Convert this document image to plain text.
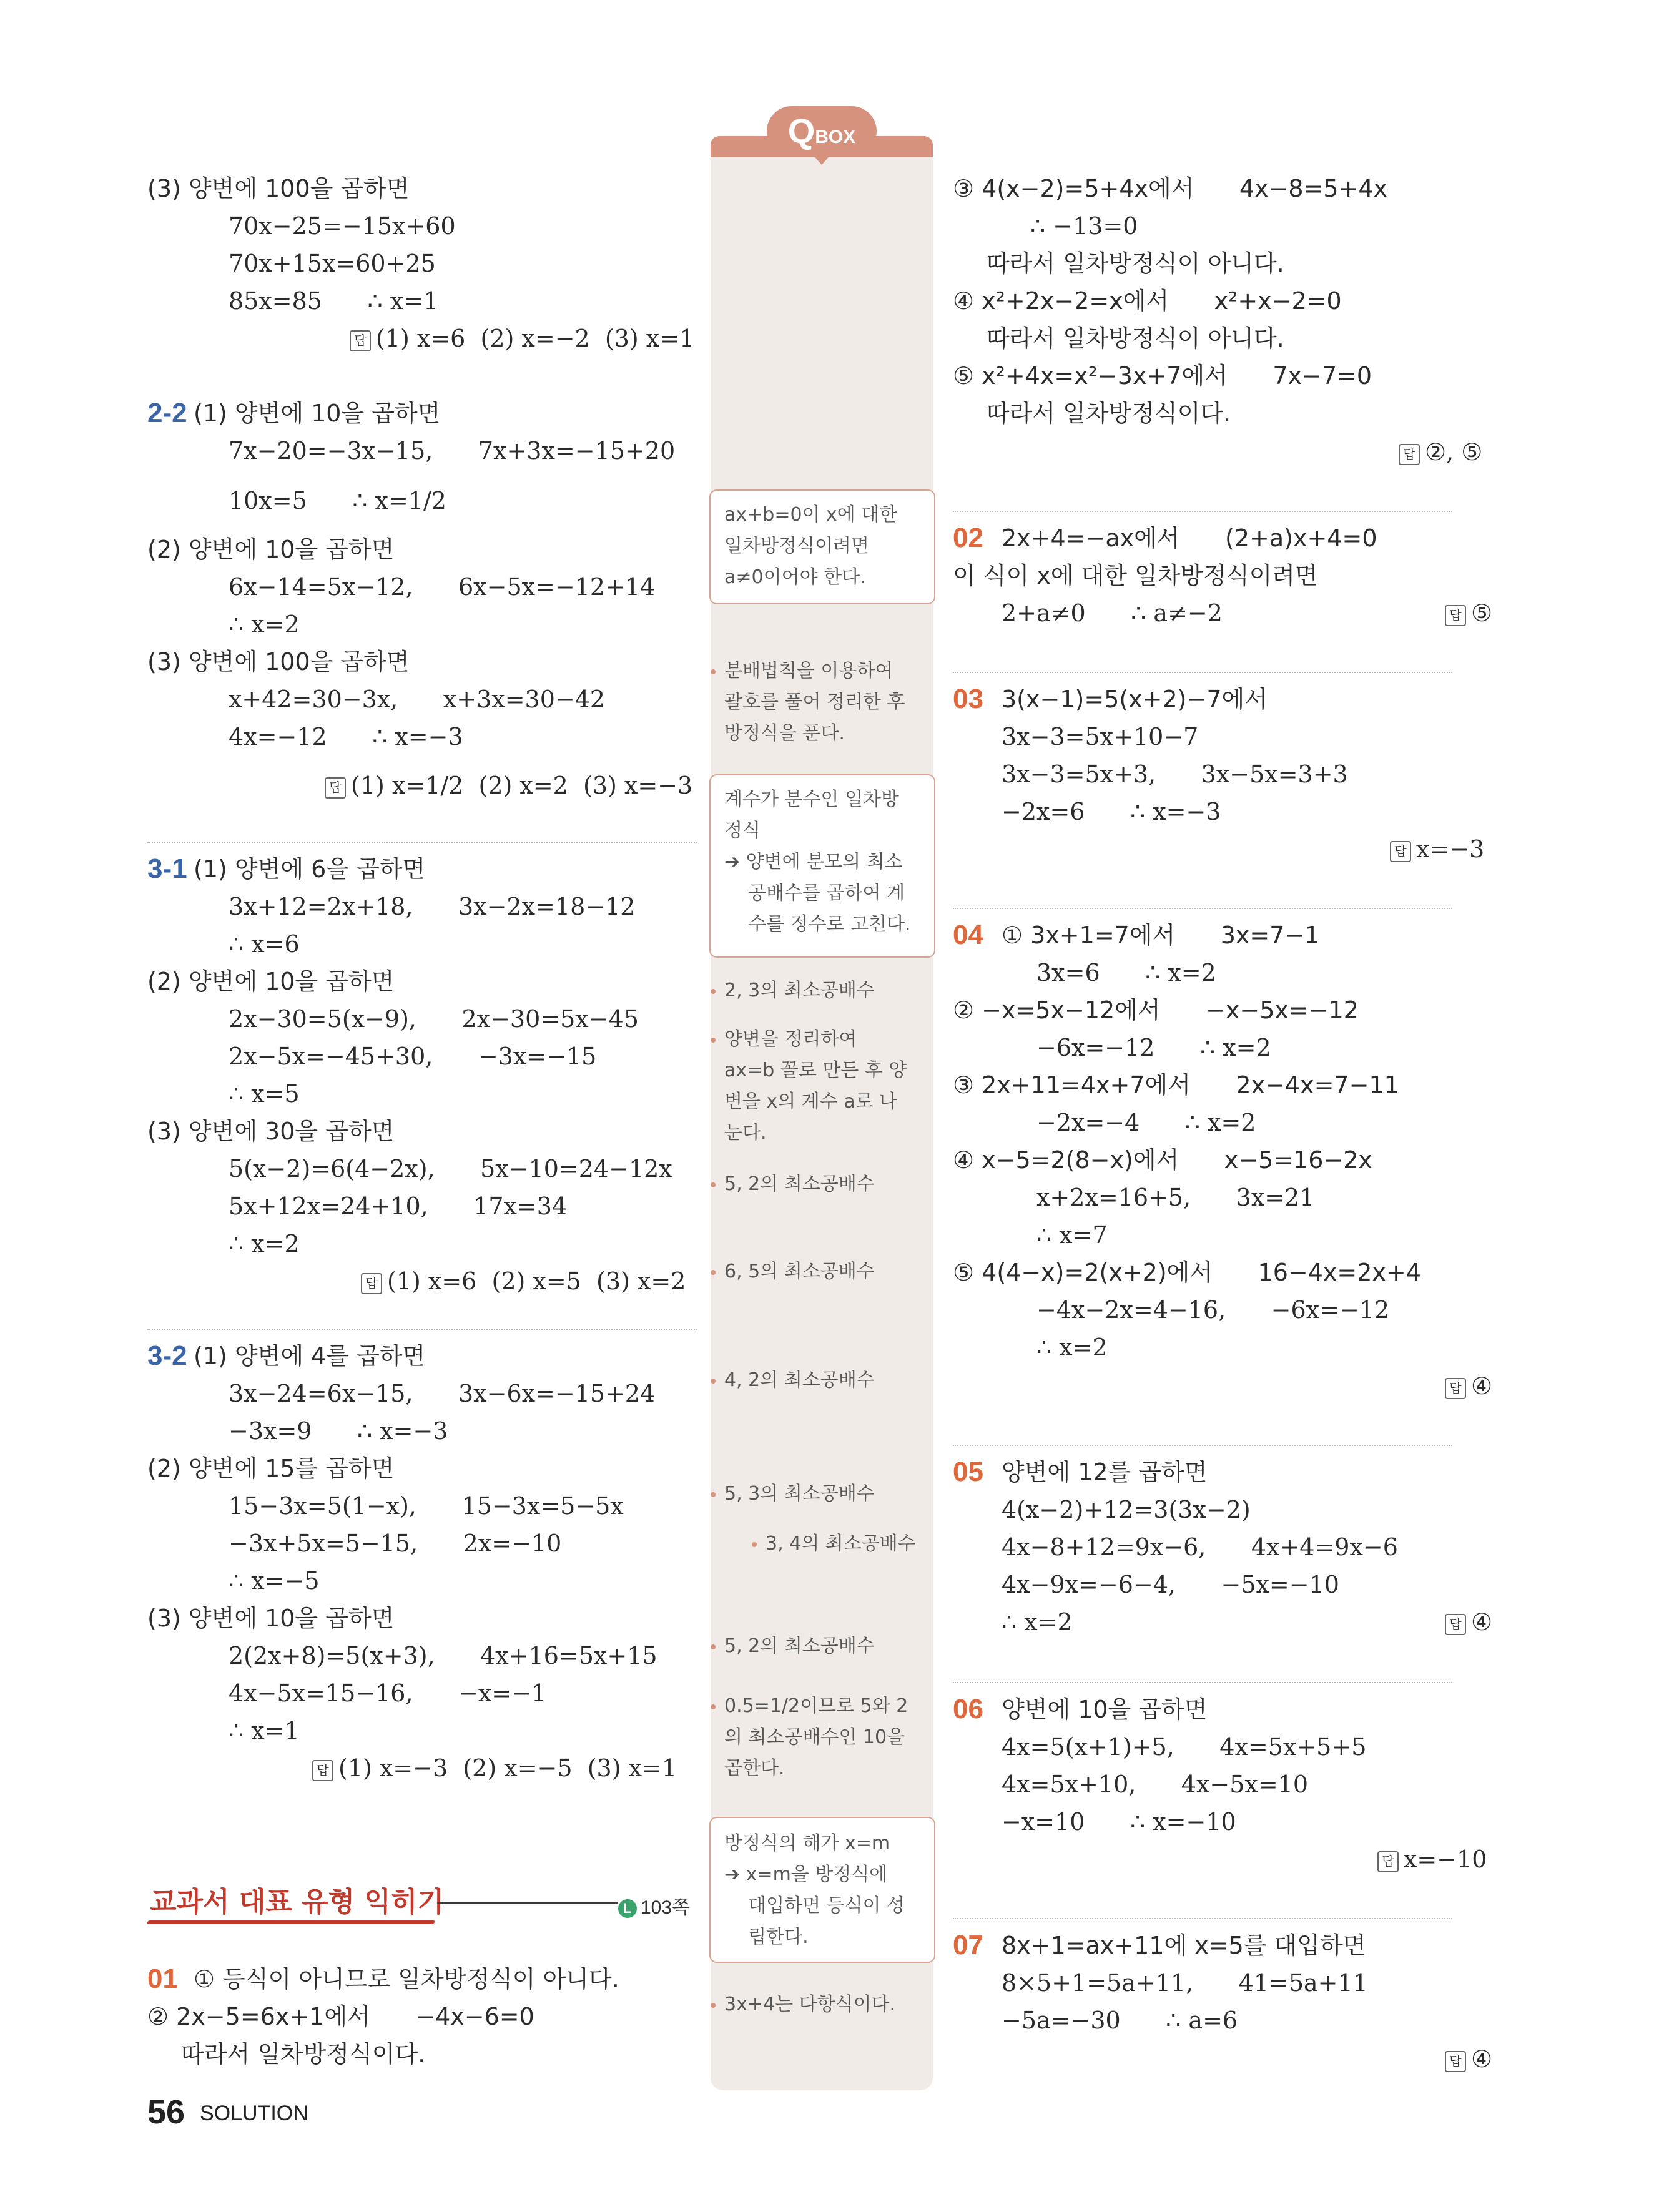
QBOX
(3) 양변에 100을 곱하면
70x−25=−15x+60
70x+15x=60+25
85x=85      ∴ x=1
답 (1) x=6  (2) x=−2  (3) x=1
2-2 (1) 양변에 10을 곱하면
7x−20=−3x−15,      7x+3x=−15+20
10x=5      ∴ x=1/2
(2) 양변에 10을 곱하면
6x−14=5x−12,      6x−5x=−12+14
∴ x=2
(3) 양변에 100을 곱하면
x+42=30−3x,      x+3x=30−42
4x=−12      ∴ x=−3
답 (1) x=1/2  (2) x=2  (3) x=−3
3-1 (1) 양변에 6을 곱하면
3x+12=2x+18,      3x−2x=18−12
∴ x=6
(2) 양변에 10을 곱하면
2x−30=5(x−9),      2x−30=5x−45
2x−5x=−45+30,      −3x=−15
∴ x=5
(3) 양변에 30을 곱하면
5(x−2)=6(4−2x),      5x−10=24−12x
5x+12x=24+10,      17x=34
∴ x=2
답 (1) x=6  (2) x=5  (3) x=2
3-2 (1) 양변에 4를 곱하면
3x−24=6x−15,      3x−6x=−15+24
−3x=9      ∴ x=−3
(2) 양변에 15를 곱하면
15−3x=5(1−x),      15−3x=5−5x
−3x+5x=5−15,      2x=−10
∴ x=−5
(3) 양변에 10을 곱하면
2(2x+8)=5(x+3),      4x+16=5x+15
4x−5x=15−16,      −x=−1
∴ x=1
답 (1) x=−3  (2) x=−5  (3) x=1
01 ① 등식이 아니므로 일차방정식이 아니다.
② 2x−5=6x+1에서      −4x−6=0
따라서 일차방정식이다.
③ 4(x−2)=5+4x에서      4x−8=5+4x
∴ −13=0
따라서 일차방정식이 아니다.
④ x²+2x−2=x에서      x²+x−2=0
따라서 일차방정식이 아니다.
⑤ x²+4x=x²−3x+7에서      7x−7=0
따라서 일차방정식이다.
답 ②, ⑤
02 2x+4=−ax에서      (2+a)x+4=0
이 식이 x에 대한 일차방정식이려면
2+a≠0      ∴ a≠−2	답 ⑤
03 3(x−1)=5(x+2)−7에서
3x−3=5x+10−7
3x−3=5x+3,      3x−5x=3+3
−2x=6      ∴ x=−3
답 x=−3
04 ① 3x+1=7에서      3x=7−1
3x=6      ∴ x=2
② −x=5x−12에서      −x−5x=−12
−6x=−12      ∴ x=2
③ 2x+11=4x+7에서      2x−4x=7−11
−2x=−4      ∴ x=2
④ x−5=2(8−x)에서      x−5=16−2x
x+2x=16+5,      3x=21
∴ x=7
⑤ 4(4−x)=2(x+2)에서      16−4x=2x+4
−4x−2x=4−16,      −6x=−12
∴ x=2
답 ④
05 양변에 12를 곱하면
4(x−2)+12=3(3x−2)
4x−8+12=9x−6,      4x+4=9x−6
4x−9x=−6−4,      −5x=−10
∴ x=2	답 ④
06 양변에 10을 곱하면
4x=5(x+1)+5,      4x=5x+5+5
4x=5x+10,      4x−5x=10
−x=10      ∴ x=−10
답 x=−10
07 8x+1=ax+11에 x=5를 대입하면
8×5+1=5a+11,      41=5a+11
−5a=−30      ∴ a=6
답 ④
ax+b=0이 x에 대한
일차방정식이려면
a≠0이어야 한다.
분배법칙을 이용하여
괄호를 풀어 정리한 후
방정식을 푼다.
계수가 분수인 일차방
정식
➔ 양변에 분모의 최소
공배수를 곱하여 계
수를 정수로 고친다.
2, 3의 최소공배수
양변을 정리하여
ax=b 꼴로 만든 후 양
변을 x의 계수 a로 나
눈다.
5, 2의 최소공배수
6, 5의 최소공배수
4, 2의 최소공배수
5, 3의 최소공배수
3, 4의 최소공배수
5, 2의 최소공배수
0.5=1/2이므로 5와 2
의 최소공배수인 10을
곱한다.
방정식의 해가 x=m
➔ x=m을 방정식에
대입하면 등식이 성
립한다.
3x+4는 다항식이다.
교과서 대표 유형 익히기	L 103쪽
56 SOLUTION
